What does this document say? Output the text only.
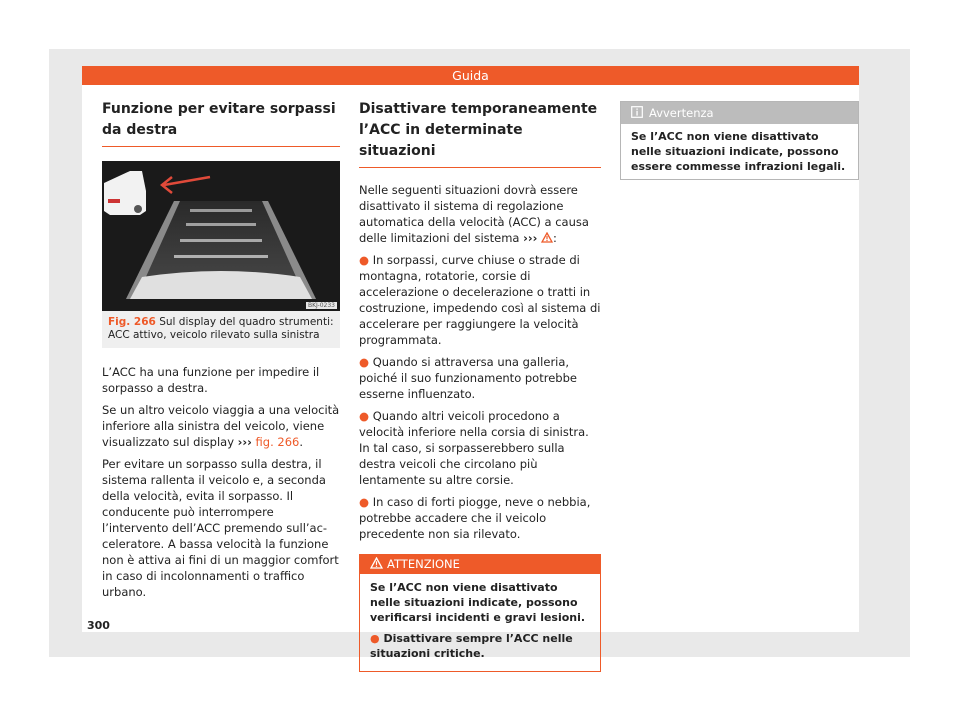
Guida
Funzione per evitare sorpassi da destra
BKJ-0233
Fig. 266 Sul display del quadro strumenti: ACC attivo, veicolo rilevato sulla sinistra

L’ACC ha una funzione per impedire il sorpasso a destra.

Se un altro veicolo viaggia a una velocità inferiore alla sinistra del veicolo, viene visualizzato sul display ››› fig. 266.

Per evitare un sorpasso sulla destra, il sistema rallenta il veicolo e, a seconda della velocità, evita il sorpasso. Il conducente può interrompere l’intervento dell’ACC premendo sull’acceleratore. A bassa velocità la funzione non è attiva ai fini di un maggior comfort in caso di incolonnamenti o traffico urbano.

Disattivare temporaneamente l’ACC in determinate situazioni

Nelle seguenti situazioni dovrà essere disattivato il sistema di regolazione automatica della velocità (ACC) a causa delle limitazioni del sistema ››› :

● In sorpassi, curve chiuse o strade di montagna, rotatorie, corsie di accelerazione o decelerazione o tratti in costruzione, impedendo così al sistema di accelerare per raggiungere la velocità programmata.

● Quando si attraversa una galleria, poiché il suo funzionamento potrebbe esserne influenzato.

● Quando altri veicoli procedono a velocità inferiore nella corsia di sinistra. In tal caso, si sorpasserebbero sulla destra veicoli che circolano più lentamente su altre corsie.

● In caso di forti piogge, neve o nebbia, potrebbe accadere che il veicolo precedente non sia rilevato.

ATTENZIONE

Se l’ACC non viene disattivato nelle situazioni indicate, possono verificarsi incidenti e gravi lesioni.

● Disattivare sempre l’ACC nelle situazioni critiche.

Avvertenza

Se l’ACC non viene disattivato nelle situazioni indicate, possono essere commesse infrazioni legali.

300
